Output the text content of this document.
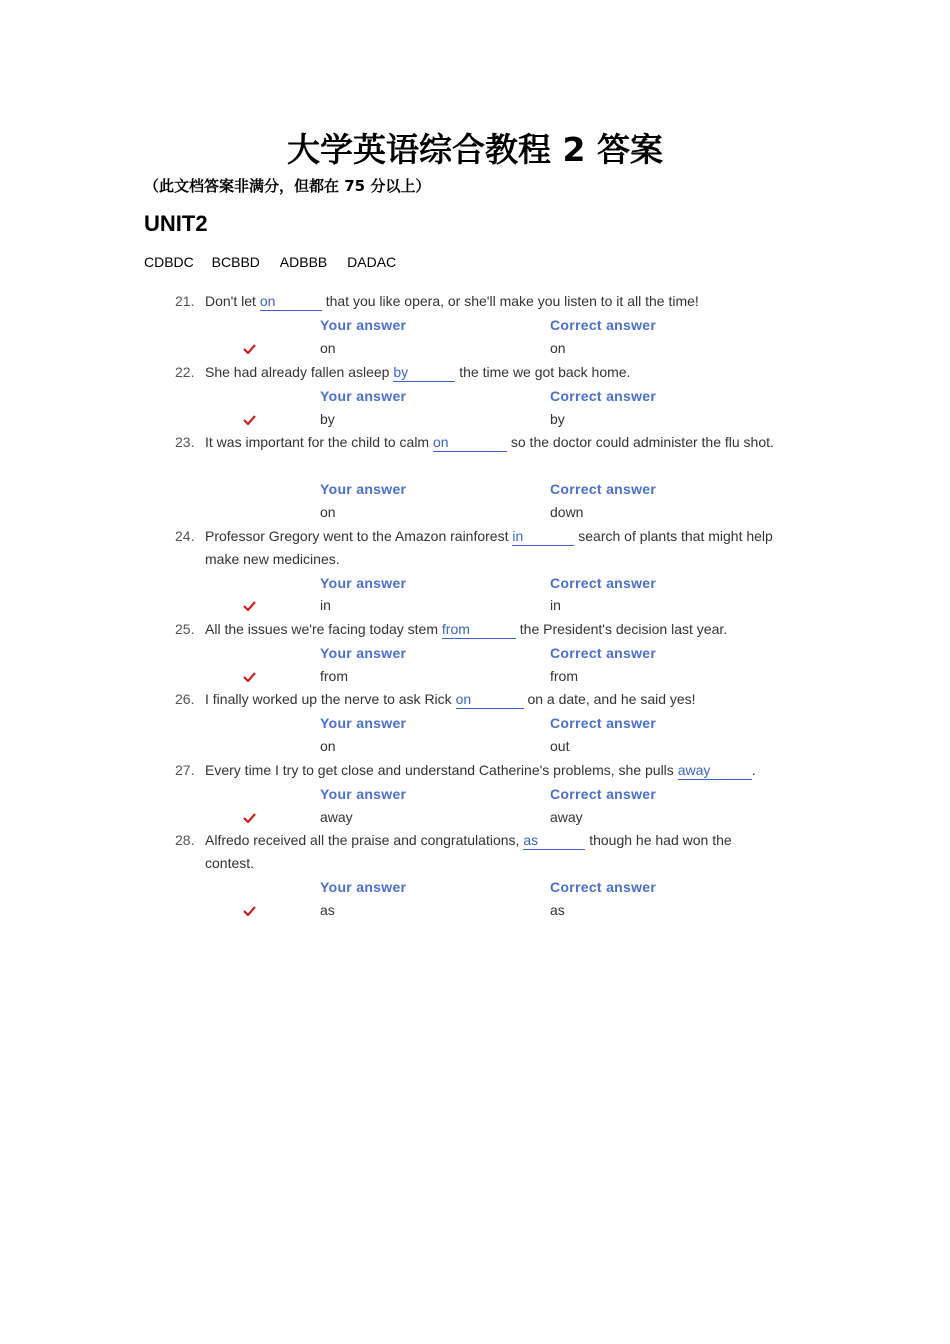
大学英语综合教程 2 答案
（此文档答案非满分，但都在 75 分以上）
UNIT2
CDBDC BCBBD ADBBB DADAC
21. Don't let on	that you like opera, or she'll make you listen to it all the time!
Your answer	Correct answer
on	on
22. She had already fallen asleep by	the time we got back home.
Your answer	Correct answer
by	by
23. It was important for the child to calm on	so the doctor could administer the flu shot.
Your answer	Correct answer
on	down
24. Professor Gregory went to the Amazon rainforest in	search of plants that might help make new medicines.
Your answer	Correct answer
in	in
25. All the issues we're facing today stem from	the President's decision last year.
Your answer	Correct answer
from	from
26. I finally worked up the nerve to ask Rick on	on a date, and he said yes!
Your answer	Correct answer
on	out
27. Every time I try to get close and understand Catherine's problems, she pulls away	.
Your answer	Correct answer
away	away
28. Alfredo received all the praise and congratulations, as	though he had won the contest.
Your answer	Correct answer
as	as
